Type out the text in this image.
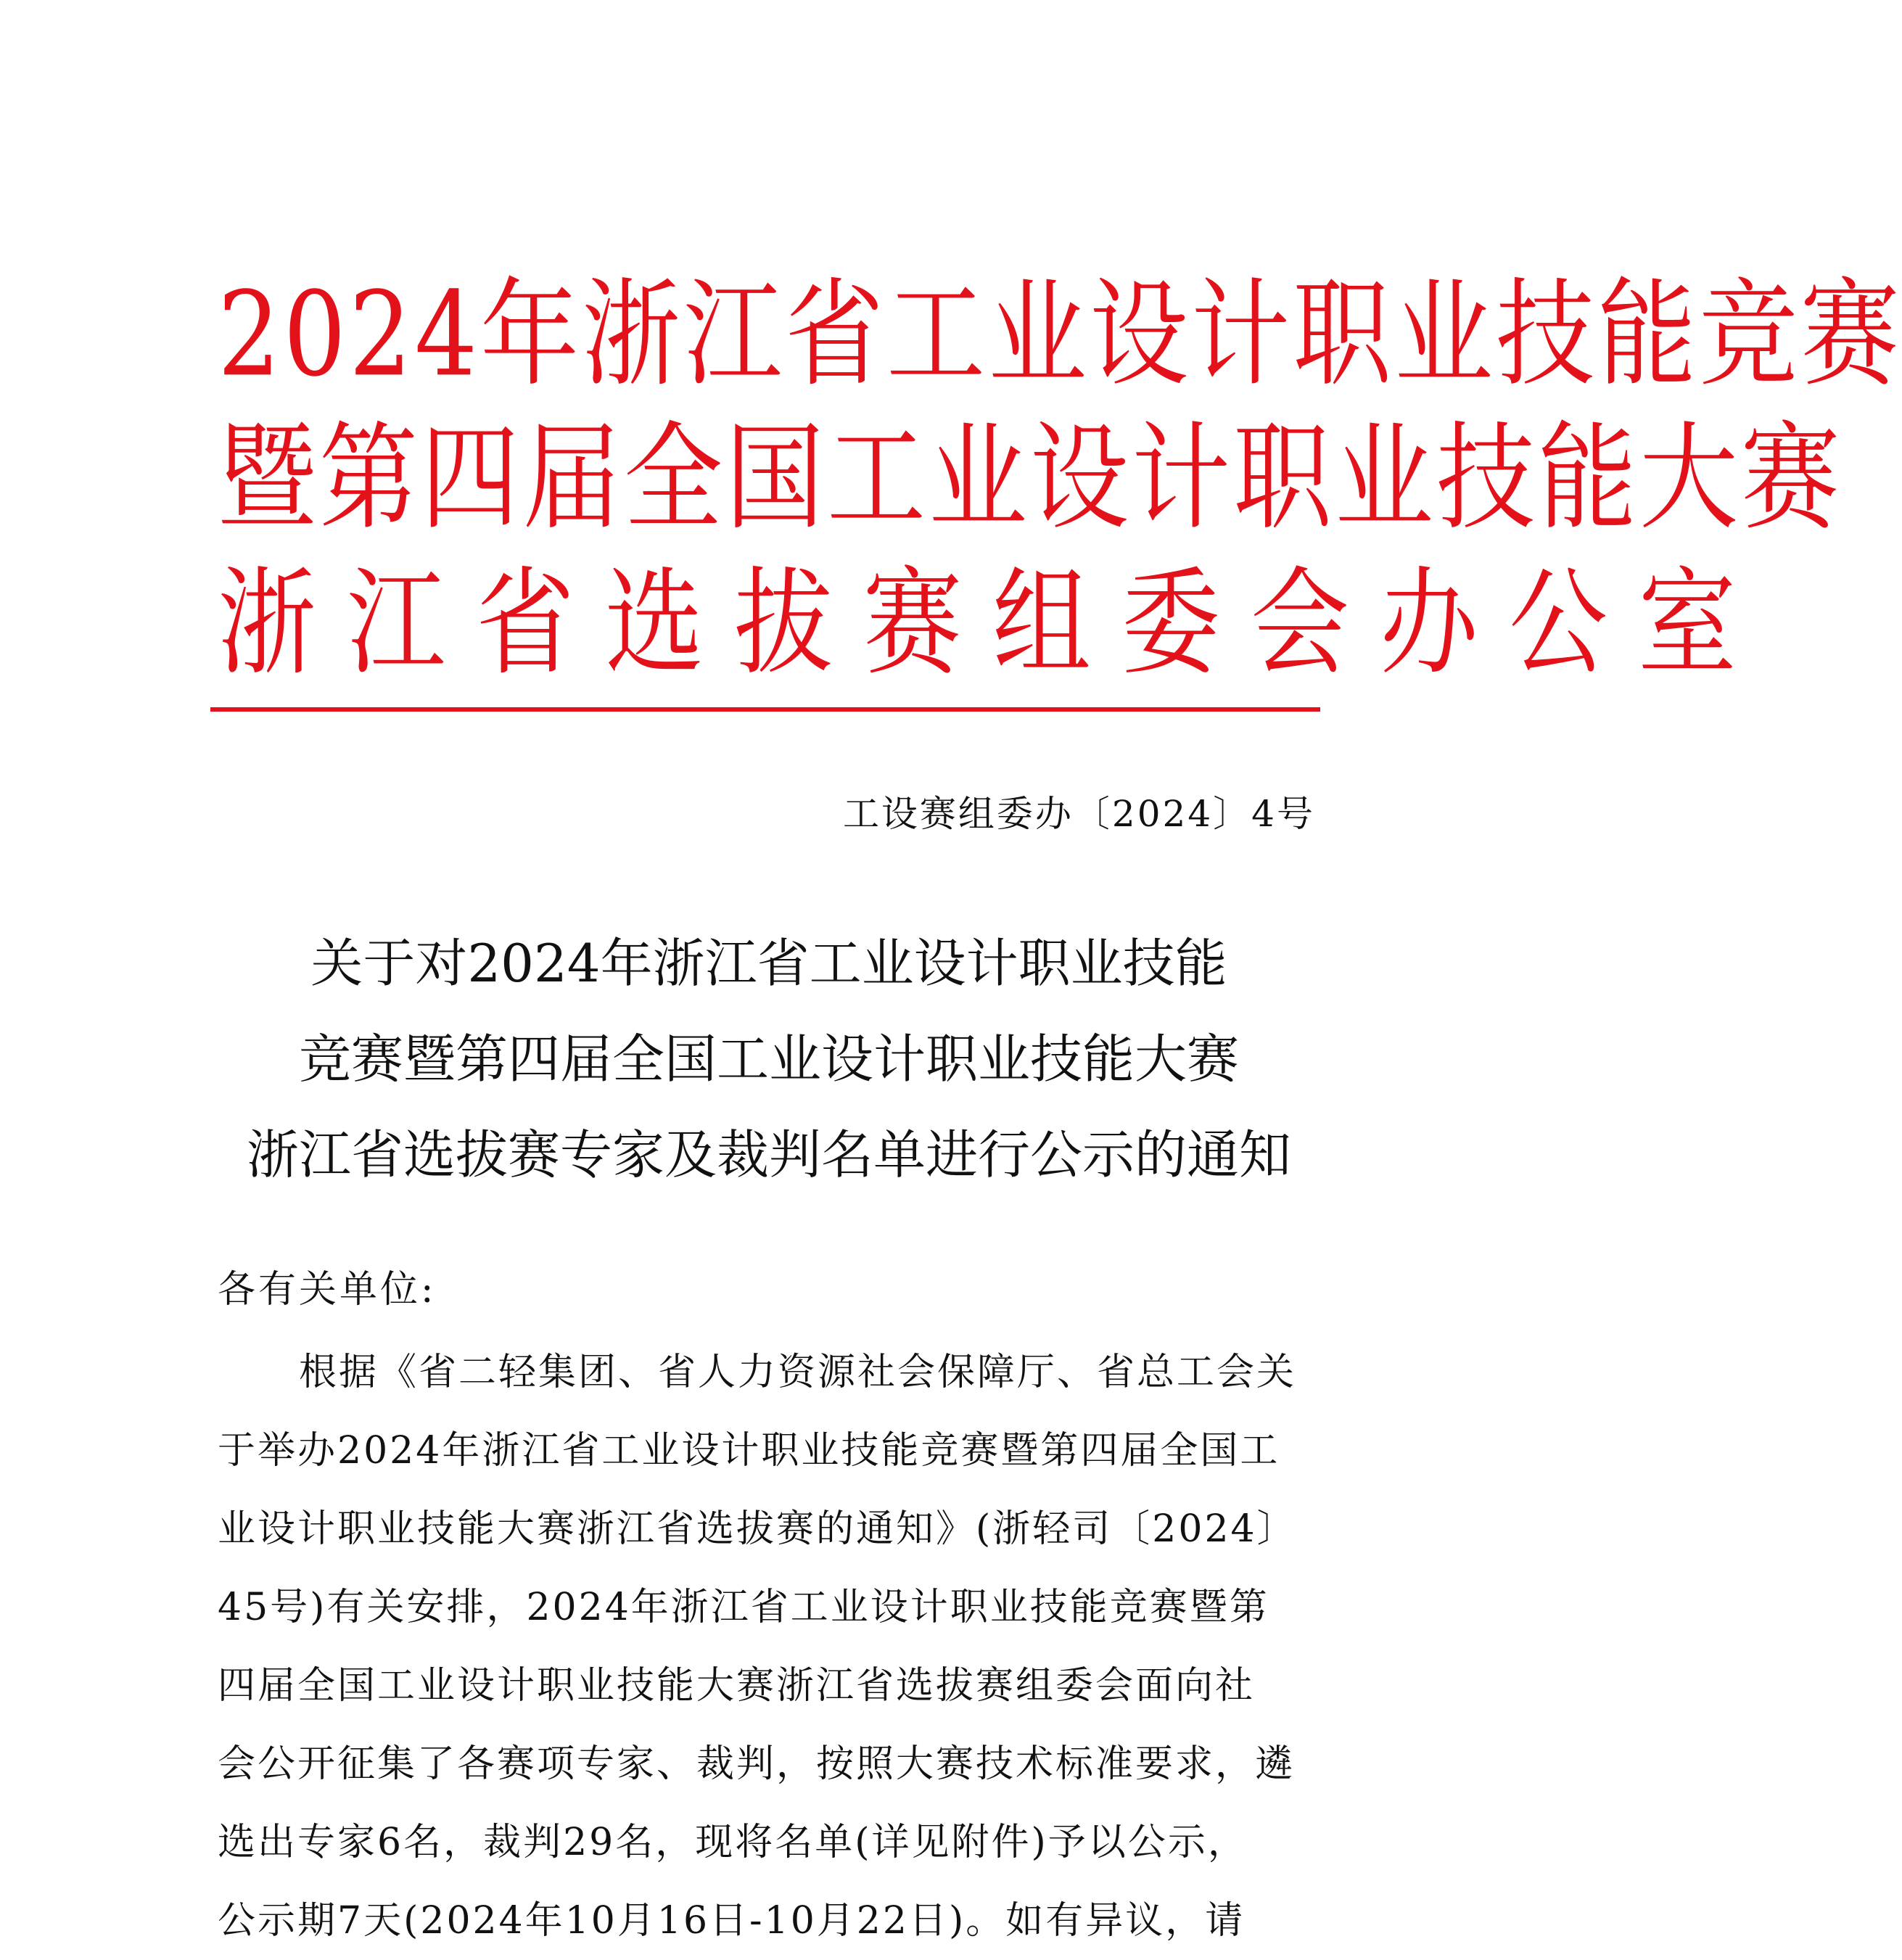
2024年浙江省工业设计职业技能竞赛
暨第四届全国工业设计职业技能大赛
浙江省选拔赛组委会办公室
工设赛组委办〔2024〕4号
关于对2024年浙江省工业设计职业技能
竞赛暨第四届全国工业设计职业技能大赛
浙江省选拔赛专家及裁判名单进行公示的通知
各有关单位:
根据《省二轻集团、省人力资源社会保障厅、省总工会关
于举办2024年浙江省工业设计职业技能竞赛暨第四届全国工
业设计职业技能大赛浙江省选拔赛的通知》(浙轻司〔2024〕
45号)有关安排，2024年浙江省工业设计职业技能竞赛暨第
四届全国工业设计职业技能大赛浙江省选拔赛组委会面向社
会公开征集了各赛项专家、裁判，按照大赛技术标准要求，遴
选出专家6名，裁判29名，现将名单(详见附件)予以公示，
公示期7天(2024年10月16日-10月22日)。如有异议，请
